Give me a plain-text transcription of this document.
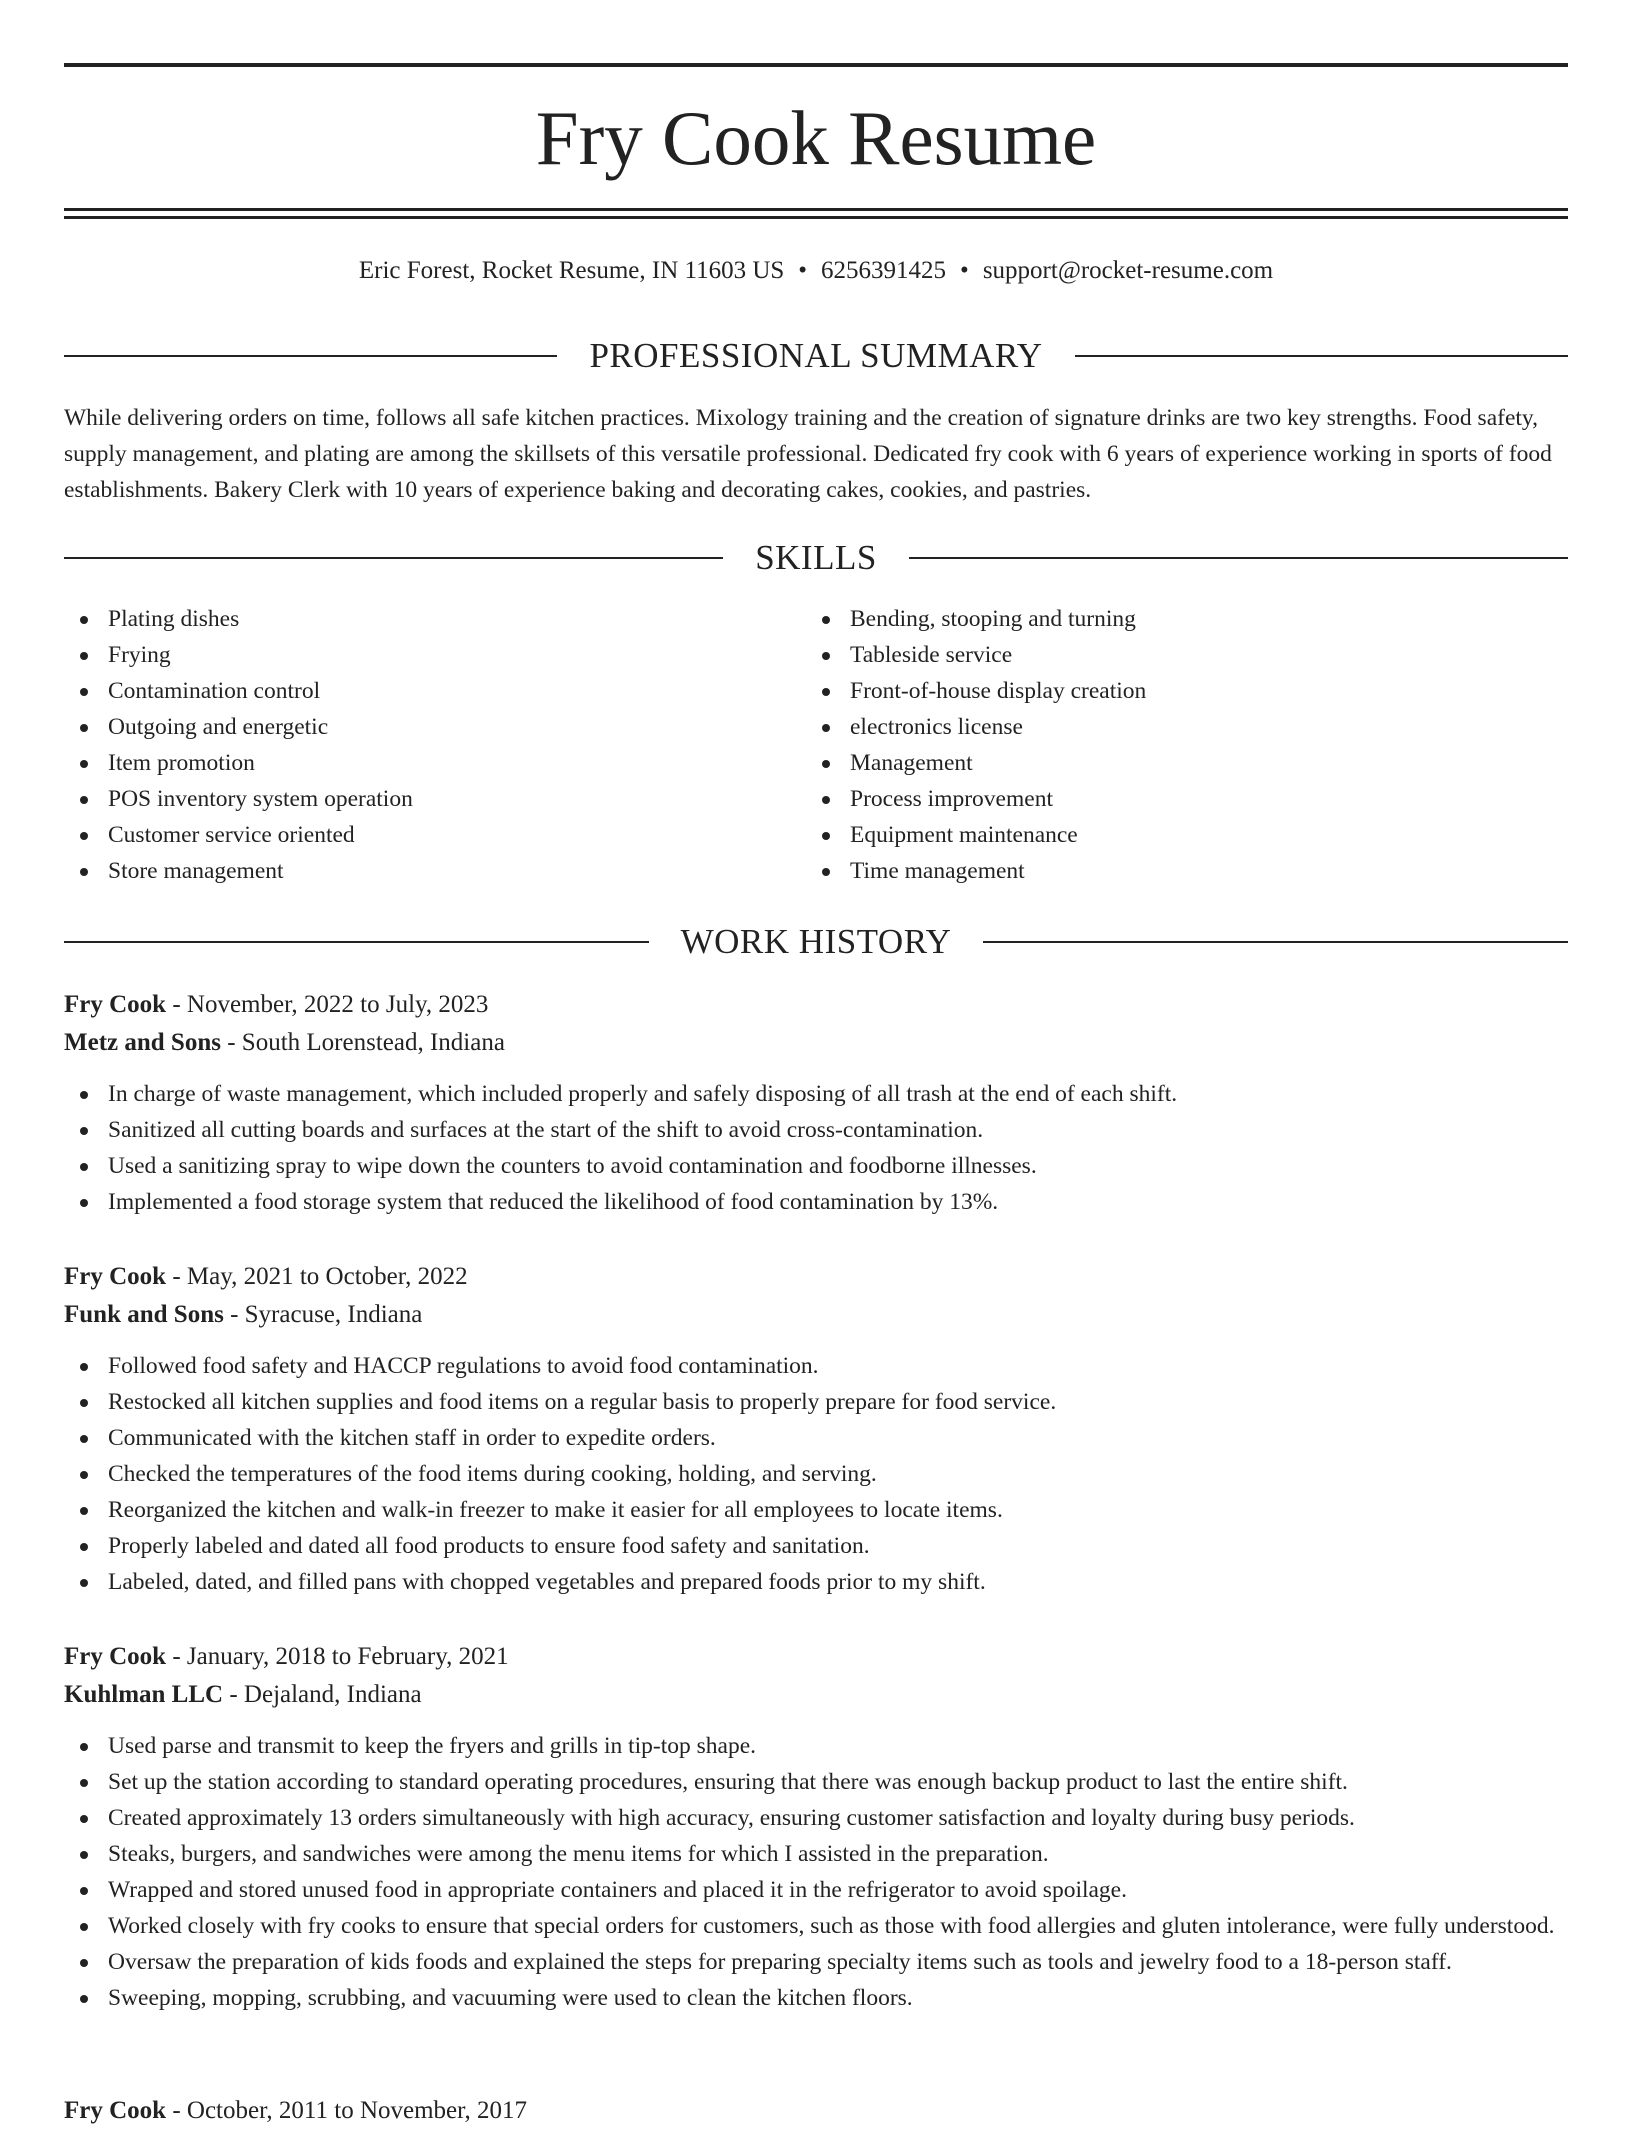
Fry Cook Resume
Eric Forest, Rocket Resume, IN 11603 US • 6256391425 • support@rocket-resume.com
PROFESSIONAL SUMMARY

While delivering orders on time, follows all safe kitchen practices. Mixology training and the creation of signature drinks are two key strengths. Food safety, supply management, and plating are among the skillsets of this versatile professional. Dedicated fry cook with 6 years of experience working in sports of food establishments. Bakery Clerk with 10 years of experience baking and decorating cakes, cookies, and pastries.

SKILLS
Plating dishes
Frying
Contamination control
Outgoing and energetic
Item promotion
POS inventory system operation
Customer service oriented
Store management
Bending, stooping and turning
Tableside service
Front-of-house display creation
electronics license
Management
Process improvement
Equipment maintenance
Time management
WORK HISTORY
Fry Cook - November, 2022 to July, 2023
Metz and Sons - South Lorenstead, Indiana
In charge of waste management, which included properly and safely disposing of all trash at the end of each shift.
Sanitized all cutting boards and surfaces at the start of the shift to avoid cross-contamination.
Used a sanitizing spray to wipe down the counters to avoid contamination and foodborne illnesses.
Implemented a food storage system that reduced the likelihood of food contamination by 13%.
Fry Cook - May, 2021 to October, 2022
Funk and Sons - Syracuse, Indiana
Followed food safety and HACCP regulations to avoid food contamination.
Restocked all kitchen supplies and food items on a regular basis to properly prepare for food service.
Communicated with the kitchen staff in order to expedite orders.
Checked the temperatures of the food items during cooking, holding, and serving.
Reorganized the kitchen and walk-in freezer to make it easier for all employees to locate items.
Properly labeled and dated all food products to ensure food safety and sanitation.
Labeled, dated, and filled pans with chopped vegetables and prepared foods prior to my shift.
Fry Cook - January, 2018 to February, 2021
Kuhlman LLC - Dejaland, Indiana
Used parse and transmit to keep the fryers and grills in tip-top shape.
Set up the station according to standard operating procedures, ensuring that there was enough backup product to last the entire shift.
Created approximately 13 orders simultaneously with high accuracy, ensuring customer satisfaction and loyalty during busy periods.
Steaks, burgers, and sandwiches were among the menu items for which I assisted in the preparation.
Wrapped and stored unused food in appropriate containers and placed it in the refrigerator to avoid spoilage.
Worked closely with fry cooks to ensure that special orders for customers, such as those with food allergies and gluten intolerance, were fully understood.
Oversaw the preparation of kids foods and explained the steps for preparing specialty items such as tools and jewelry food to a 18-person staff.
Sweeping, mopping, scrubbing, and vacuuming were used to clean the kitchen floors.
Fry Cook - October, 2011 to November, 2017
